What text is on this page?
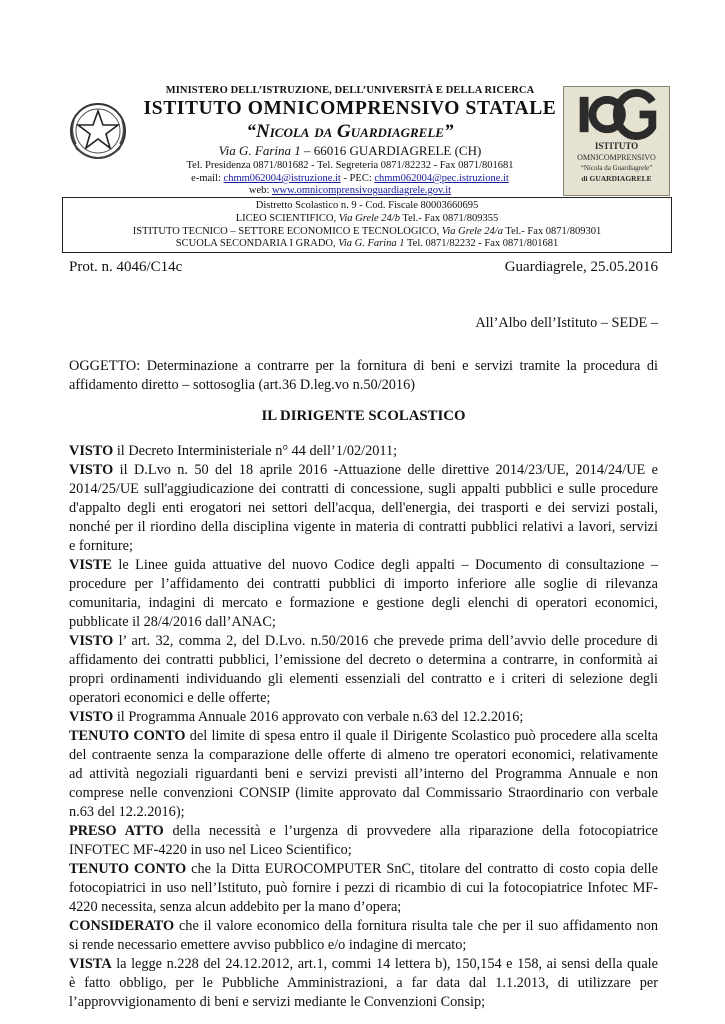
MINISTERO DELL’ISTRUZIONE, DELL’UNIVERSITÀ E DELLA RICERCA
ISTITUTO OMNICOMPRENSIVO STATALE
“Nicola da Guardiagrele”
Via G. Farina 1 – 66016 GUARDIAGRELE (CH)
Tel. Presidenza 0871/801682 - Tel. Segreteria 0871/82232 - Fax 0871/801681
e-mail: chmm062004@istruzione.it - PEC: chmm062004@pec.istruzione.it
web: www.omnicomprensivoguardiagrele.gov.it
ISTITUTO
OMNICOMPRENSIVO
“Nicola da Guardiagrele”
di GUARDIAGRELE
Distretto Scolastico n. 9 - Cod. Fiscale 80003660695
LICEO SCIENTIFICO, Via Grele 24/b Tel.- Fax 0871/809355
ISTITUTO TECNICO – SETTORE ECONOMICO E TECNOLOGICO, Via Grele 24/a Tel.- Fax 0871/809301
SCUOLA SECONDARIA I GRADO, Via G. Farina 1 Tel. 0871/82232 - Fax 0871/801681
Prot. n. 4046/C14c	Guardiagrele, 25.05.2016
All’Albo dell’Istituto – SEDE –
OGGETTO: Determinazione a contrarre per la fornitura di beni e servizi tramite la procedura di
affidamento diretto – sottosoglia (art.36 D.leg.vo n.50/2016)
IL DIRIGENTE SCOLASTICO
VISTO il Decreto Interministeriale n° 44 dell’1/02/2011;
VISTO il D.Lvo n. 50 del 18 aprile 2016 -Attuazione delle direttive 2014/23/UE, 2014/24/UE e
2014/25/UE sull'aggiudicazione dei contratti di concessione, sugli appalti pubblici e sulle procedure
d'appalto degli enti erogatori nei settori dell'acqua, dell'energia, dei trasporti e dei servizi postali,
nonché per il riordino della disciplina vigente in materia di contratti pubblici relativi a lavori, servizi
e forniture;
VISTE le Linee guida attuative del nuovo Codice degli appalti – Documento di consultazione –
procedure per l’affidamento dei contratti pubblici di importo inferiore alle soglie di rilevanza
comunitaria, indagini di mercato e formazione e gestione degli elenchi di operatori economici,
pubblicate il 28/4/2016 dall’ANAC;
VISTO l’ art. 32, comma 2, del D.Lvo. n.50/2016 che prevede prima dell’avvio delle procedure di
affidamento dei contratti pubblici, l’emissione del decreto o determina a contrarre, in conformità ai
propri ordinamenti individuando gli elementi essenziali del contratto e i criteri di selezione degli
operatori economici e delle offerte;
VISTO il Programma Annuale 2016 approvato con verbale n.63 del 12.2.2016;
TENUTO CONTO del limite di spesa entro il quale il Dirigente Scolastico può procedere alla scelta
del contraente senza la comparazione delle offerte di almeno tre operatori economici, relativamente
ad attività negoziali riguardanti beni e servizi previsti all’interno del Programma Annuale e non
comprese nelle convenzioni CONSIP (limite approvato dal Commissario Straordinario con verbale
n.63 del 12.2.2016);
PRESO ATTO della necessità e l’urgenza di provvedere alla riparazione della fotocopiatrice
INFOTEC MF-4220 in uso nel Liceo Scientifico;
TENUTO CONTO che la Ditta EUROCOMPUTER SnC, titolare del contratto di costo copia delle
fotocopiatrici in uso nell’Istituto, può fornire i pezzi di ricambio di cui la fotocopiatrice Infotec MF-
4220 necessita, senza alcun addebito per la mano d’opera;
CONSIDERATO che il valore economico della fornitura risulta tale che per il suo affidamento non
si rende necessario emettere avviso pubblico e/o indagine di mercato;
VISTA la legge n.228 del 24.12.2012, art.1, commi 14 lettera b), 150,154 e 158, ai sensi della quale
è fatto obbligo, per le Pubbliche Amministrazioni, a far data dal 1.1.2013, di utilizzare per
l’approvvigionamento di beni e servizi mediante le Convenzioni Consip;
